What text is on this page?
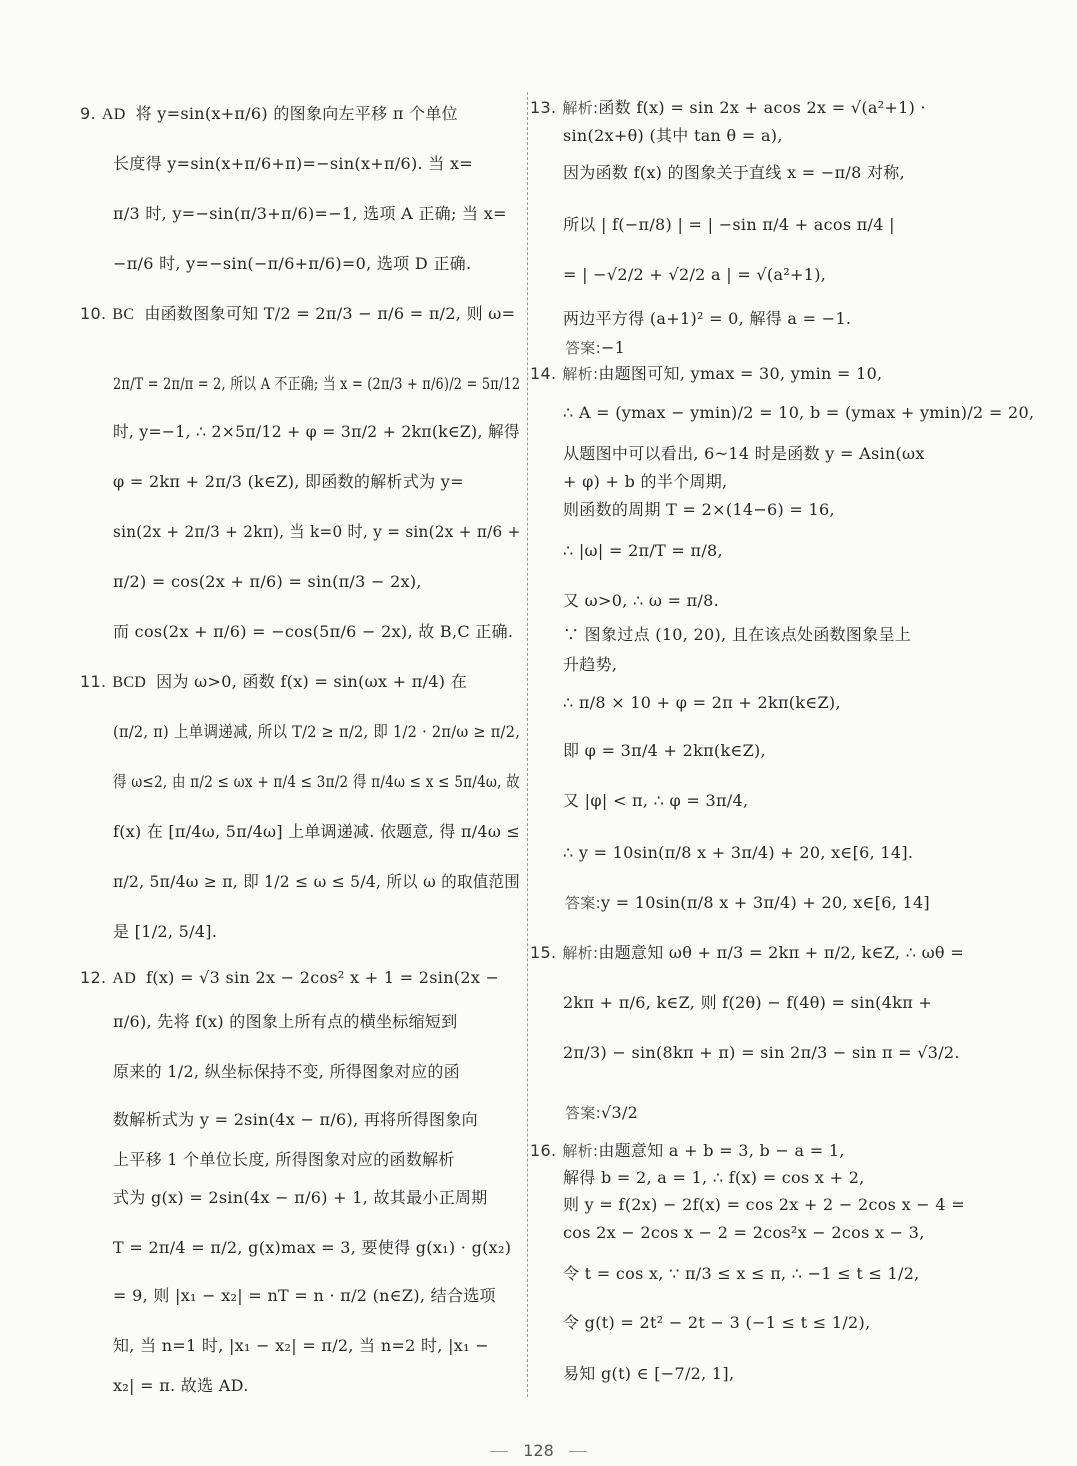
9. AD 将 y=sin(x+π/6) 的图象向左平移 π 个单位
长度得 y=sin(x+π/6+π)=−sin(x+π/6). 当 x=
π/3 时, y=−sin(π/3+π/6)=−1, 选项 A 正确; 当 x=
−π/6 时, y=−sin(−π/6+π/6)=0, 选项 D 正确.
10. BC 由函数图象可知 T/2 = 2π/3 − π/6 = π/2, 则 ω=
2π/T = 2π/π = 2, 所以 A 不正确; 当 x = (2π/3 + π/6)/2 = 5π/12
时, y=−1, ∴ 2×5π/12 + φ = 3π/2 + 2kπ(k∈Z), 解得
φ = 2kπ + 2π/3 (k∈Z), 即函数的解析式为 y=
sin(2x + 2π/3 + 2kπ), 当 k=0 时, y = sin(2x + π/6 +
π/2) = cos(2x + π/6) = sin(π/3 − 2x),
而 cos(2x + π/6) = −cos(5π/6 − 2x), 故 B,C 正确.
11. BCD 因为 ω>0, 函数 f(x) = sin(ωx + π/4) 在
(π/2, π) 上单调递减, 所以 T/2 ≥ π/2, 即 1/2 · 2π/ω ≥ π/2,
得 ω≤2, 由 π/2 ≤ ωx + π/4 ≤ 3π/2 得 π/4ω ≤ x ≤ 5π/4ω, 故
f(x) 在 [π/4ω, 5π/4ω] 上单调递减. 依题意, 得 π/4ω ≤
π/2, 5π/4ω ≥ π, 即 1/2 ≤ ω ≤ 5/4, 所以 ω 的取值范围
是 [1/2, 5/4].
12. AD f(x) = √3 sin 2x − 2cos² x + 1 = 2sin(2x −
π/6), 先将 f(x) 的图象上所有点的横坐标缩短到
原来的 1/2, 纵坐标保持不变, 所得图象对应的函
数解析式为 y = 2sin(4x − π/6), 再将所得图象向
上平移 1 个单位长度, 所得图象对应的函数解析
式为 g(x) = 2sin(4x − π/6) + 1, 故其最小正周期
T = 2π/4 = π/2, g(x)max = 3, 要使得 g(x₁) · g(x₂)
= 9, 则 |x₁ − x₂| = nT = n · π/2 (n∈Z), 结合选项
知, 当 n=1 时, |x₁ − x₂| = π/2, 当 n=2 时, |x₁ −
x₂| = π. 故选 AD.
13. 解析:函数 f(x) = sin 2x + acos 2x = √(a²+1) ·
sin(2x+θ) (其中 tan θ = a),
因为函数 f(x) 的图象关于直线 x = −π/8 对称,
所以 | f(−π/8) | = | −sin π/4 + acos π/4 |
= | −√2/2 + √2/2 a | = √(a²+1),
两边平方得 (a+1)² = 0, 解得 a = −1.
答案:−1
14. 解析:由题图可知, ymax = 30, ymin = 10,
∴ A = (ymax − ymin)/2 = 10, b = (ymax + ymin)/2 = 20,
从题图中可以看出, 6~14 时是函数 y = Asin(ωx
+ φ) + b 的半个周期,
则函数的周期 T = 2×(14−6) = 16,
∴ |ω| = 2π/T = π/8,
又 ω>0, ∴ ω = π/8.
∵ 图象过点 (10, 20), 且在该点处函数图象呈上
升趋势,
∴ π/8 × 10 + φ = 2π + 2kπ(k∈Z),
即 φ = 3π/4 + 2kπ(k∈Z),
又 |φ| < π, ∴ φ = 3π/4,
∴ y = 10sin(π/8 x + 3π/4) + 20, x∈[6, 14].
答案:y = 10sin(π/8 x + 3π/4) + 20, x∈[6, 14]
15. 解析:由题意知 ωθ + π/3 = 2kπ + π/2, k∈Z, ∴ ωθ =
2kπ + π/6, k∈Z, 则 f(2θ) − f(4θ) = sin(4kπ +
2π/3) − sin(8kπ + π) = sin 2π/3 − sin π = √3/2.
答案:√3/2
16. 解析:由题意知 a + b = 3, b − a = 1,
解得 b = 2, a = 1, ∴ f(x) = cos x + 2,
则 y = f(2x) − 2f(x) = cos 2x + 2 − 2cos x − 4 =
cos 2x − 2cos x − 2 = 2cos²x − 2cos x − 3,
令 t = cos x, ∵ π/3 ≤ x ≤ π, ∴ −1 ≤ t ≤ 1/2,
令 g(t) = 2t² − 2t − 3 (−1 ≤ t ≤ 1/2),
易知 g(t) ∈ [−7/2, 1],
128
